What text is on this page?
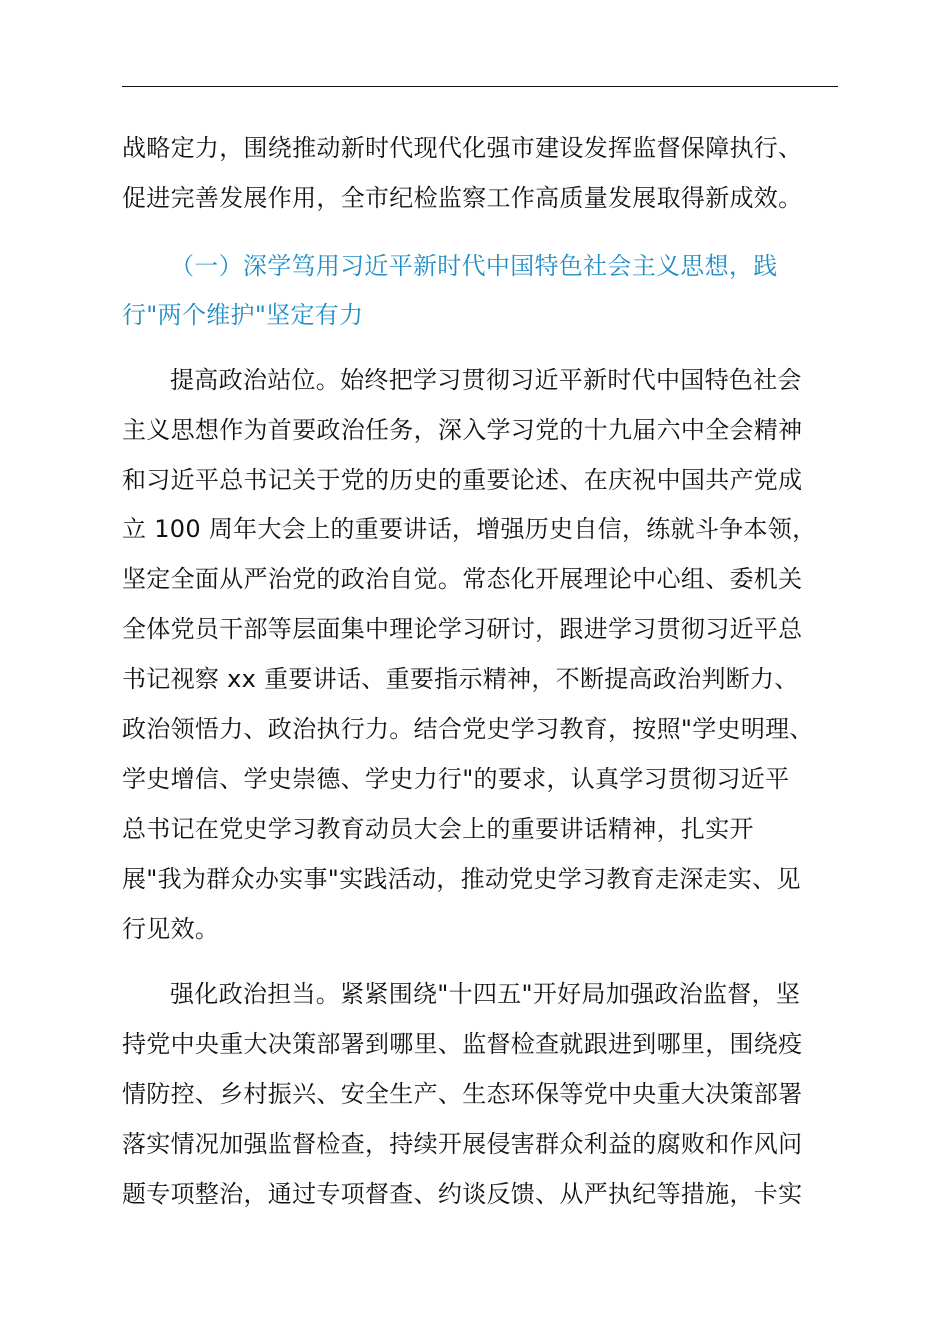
战略定力，围绕推动新时代现代化强市建设发挥监督保障执行、
促进完善发展作用，全市纪检监察工作高质量发展取得新成效。
（一）深学笃用习近平新时代中国特色社会主义思想，践
行"两个维护"坚定有力
提高政治站位。始终把学习贯彻习近平新时代中国特色社会
主义思想作为首要政治任务，深入学习党的十九届六中全会精神
和习近平总书记关于党的历史的重要论述、在庆祝中国共产党成
立 100 周年大会上的重要讲话，增强历史自信，练就斗争本领，
坚定全面从严治党的政治自觉。常态化开展理论中心组、委机关
全体党员干部等层面集中理论学习研讨，跟进学习贯彻习近平总
书记视察 xx 重要讲话、重要指示精神，不断提高政治判断力、
政治领悟力、政治执行力。结合党史学习教育，按照"学史明理、
学史增信、学史崇德、学史力行"的要求，认真学习贯彻习近平
总书记在党史学习教育动员大会上的重要讲话精神，扎实开
展"我为群众办实事"实践活动，推动党史学习教育走深走实、见
行见效。
强化政治担当。紧紧围绕"十四五"开好局加强政治监督，坚
持党中央重大决策部署到哪里、监督检查就跟进到哪里，围绕疫
情防控、乡村振兴、安全生产、生态环保等党中央重大决策部署
落实情况加强监督检查，持续开展侵害群众利益的腐败和作风问
题专项整治，通过专项督查、约谈反馈、从严执纪等措施，卡实
